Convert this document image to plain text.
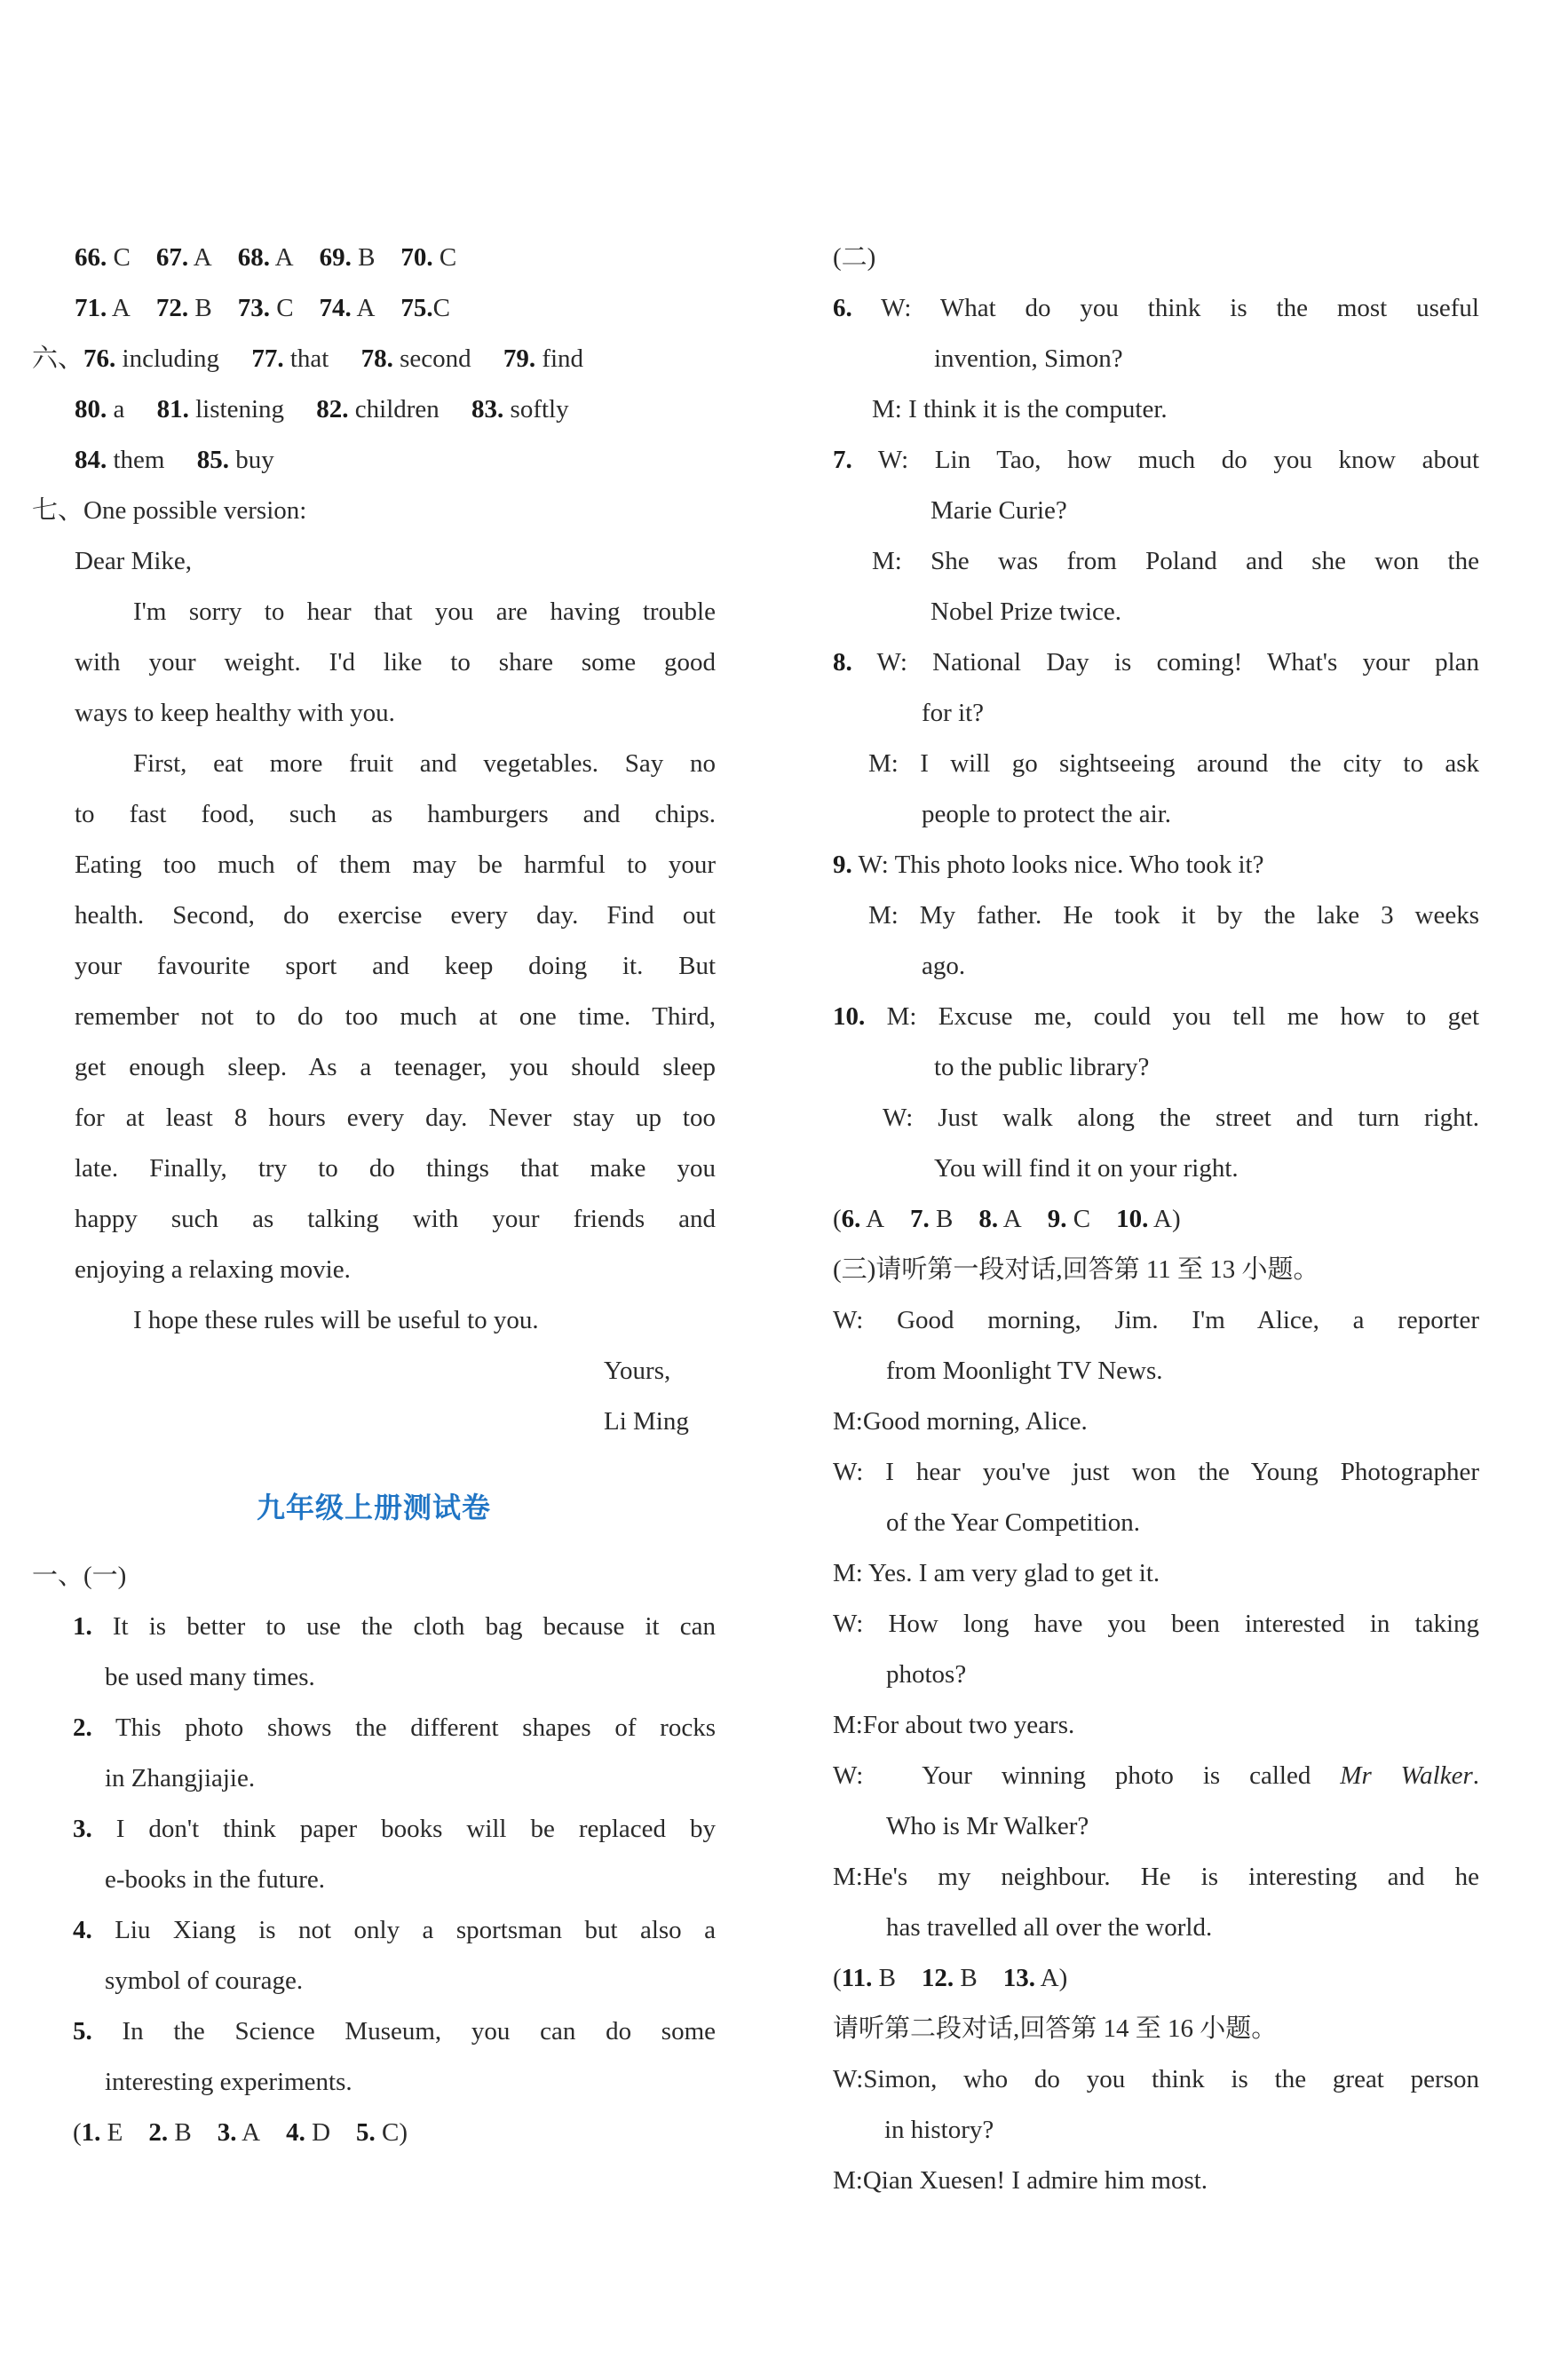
66. C 67. A 68. A 69. B 70. C
71. A 72. B 73. C 74. A 75.C
六、76. including 77. that 78. second 79. find
80. a 81. listening 82. children 83. softly
84. them 85. buy
七、One possible version:
Dear Mike,
I'm sorry to hear that you are having trouble
with your weight. I'd like to share some good
ways to keep healthy with you.
First, eat more fruit and vegetables. Say no
to fast food, such as hamburgers and chips.
Eating too much of them may be harmful to your
health. Second, do exercise every day. Find out
your favourite sport and keep doing it. But
remember not to do too much at one time. Third,
get enough sleep. As a teenager, you should sleep
for at least 8 hours every day. Never stay up too
late. Finally, try to do things that make you
happy such as talking with your friends and
enjoying a relaxing movie.
I hope these rules will be useful to you.
Yours,
Li Ming
九年级上册测试卷
一、(一)
1. It is better to use the cloth bag because it can
be used many times.
2. This photo shows the different shapes of rocks
in Zhangjiajie.
3. I don't think paper books will be replaced by
e-books in the future.
4. Liu Xiang is not only a sportsman but also a
symbol of courage.
5. In the Science Museum, you can do some
interesting experiments.
(1. E 2. B 3. A 4. D 5. C)
(二)
6. W: What do you think is the most useful
invention, Simon?
M: I think it is the computer.
7. W: Lin Tao, how much do you know about
Marie Curie?
M: She was from Poland and she won the
Nobel Prize twice.
8. W: National Day is coming! What's your plan
for it?
M: I will go sightseeing around the city to ask
people to protect the air.
9. W: This photo looks nice. Who took it?
M: My father. He took it by the lake 3 weeks
ago.
10. M: Excuse me, could you tell me how to get
to the public library?
W: Just walk along the street and turn right.
You will find it on your right.
(6. A 7. B 8. A 9. C 10. A)
(三)请听第一段对话,回答第 11 至 13 小题。
W: Good morning, Jim. I'm Alice, a reporter
from Moonlight TV News.
M:Good morning, Alice.
W: I hear you've just won the Young Photographer
of the Year Competition.
M: Yes. I am very glad to get it.
W: How long have you been interested in taking
photos?
M:For about two years.
W: Your winning photo is called Mr Walker.
Who is Mr Walker?
M:He's my neighbour. He is interesting and he
has travelled all over the world.
(11. B 12. B 13. A)
请听第二段对话,回答第 14 至 16 小题。
W:Simon, who do you think is the great person
in history?
M:Qian Xuesen! I admire him most.
